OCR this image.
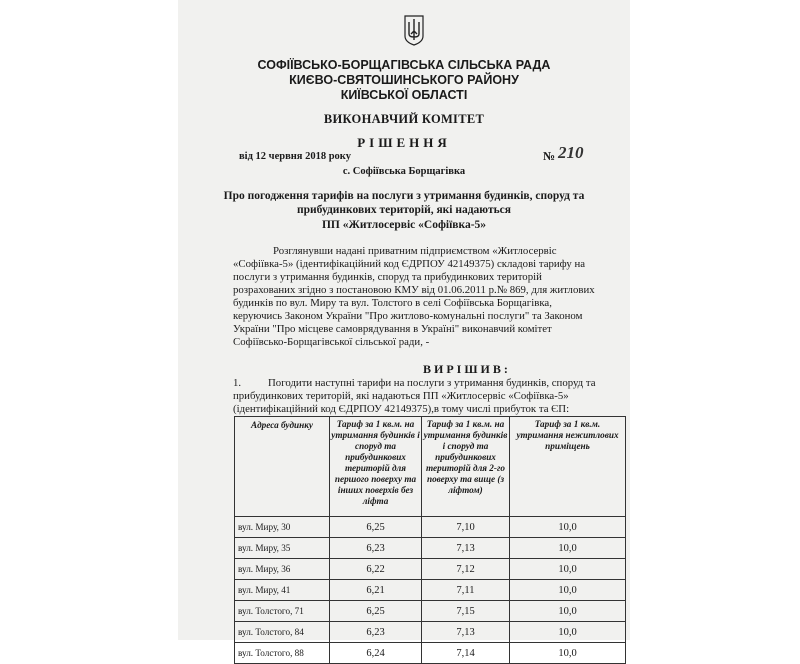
СОФІЇВСЬКО-БОРЩАГІВСЬКА СІЛЬСЬКА РАДА
КИЄВО-СВЯТОШИНСЬКОГО РАЙОНУ
КИЇВСЬКОЇ ОБЛАСТІ
ВИКОНАВЧИЙ КОМІТЕТ
РІШЕННЯ
від 12 червня 2018 року	№ 210
с. Софіївська Борщагівка
Про погодження тарифів на послуги з утримання будинків, споруд та
прибудинкових територій, які надаються
ПП «Житлосервіс «Софіївка-5»
Розглянувши надані приватним підприємством «Житлосервіс
«Софіївка-5» (ідентифікаційний код ЄДРПОУ 42149375) складові тарифу на
послуги з утримання будинків, споруд та прибудинкових територій
розрахованих згідно з постановою КМУ від 01.06.2011 р.№ 869, для житлових
будинків по вул. Миру та вул. Толстого в селі Софіївська Борщагівка,
керуючись Законом України "Про житлово-комунальні послуги" та Законом
України "Про місцеве самоврядування в Україні" виконавчий комітет
Софіївсько-Борщагівської сільської ради, -
ВИРІШИВ:
1. Погодити наступні тарифи на послуги з утримання будинків, споруд та
прибудинкових територій, які надаються ПП «Житлосервіс «Софіївка-5»
(ідентифікаційний код ЄДРПОУ 42149375),в тому числі прибуток та ЄП:
Адреса будинку	Тариф за 1 кв.м. на утримання будинків і споруд та прибудинкових територій для першого поверху та інших поверхів без ліфта	Тариф за 1 кв.м. на утримання будинків і споруд та прибудинкових територій для 2-го поверху та вище (з ліфтом)	Тариф за 1 кв.м. утримання нежитлових приміщень
вул. Миру, 30	6,25	7,10	10,0
вул. Миру, 35	6,23	7,13	10,0
вул. Миру, 36	6,22	7,12	10,0
вул. Миру, 41	6,21	7,11	10,0
вул. Толстого, 71	6,25	7,15	10,0
вул. Толстого, 84	6,23	7,13	10,0
вул. Толстого, 88	6,24	7,14	10,0
